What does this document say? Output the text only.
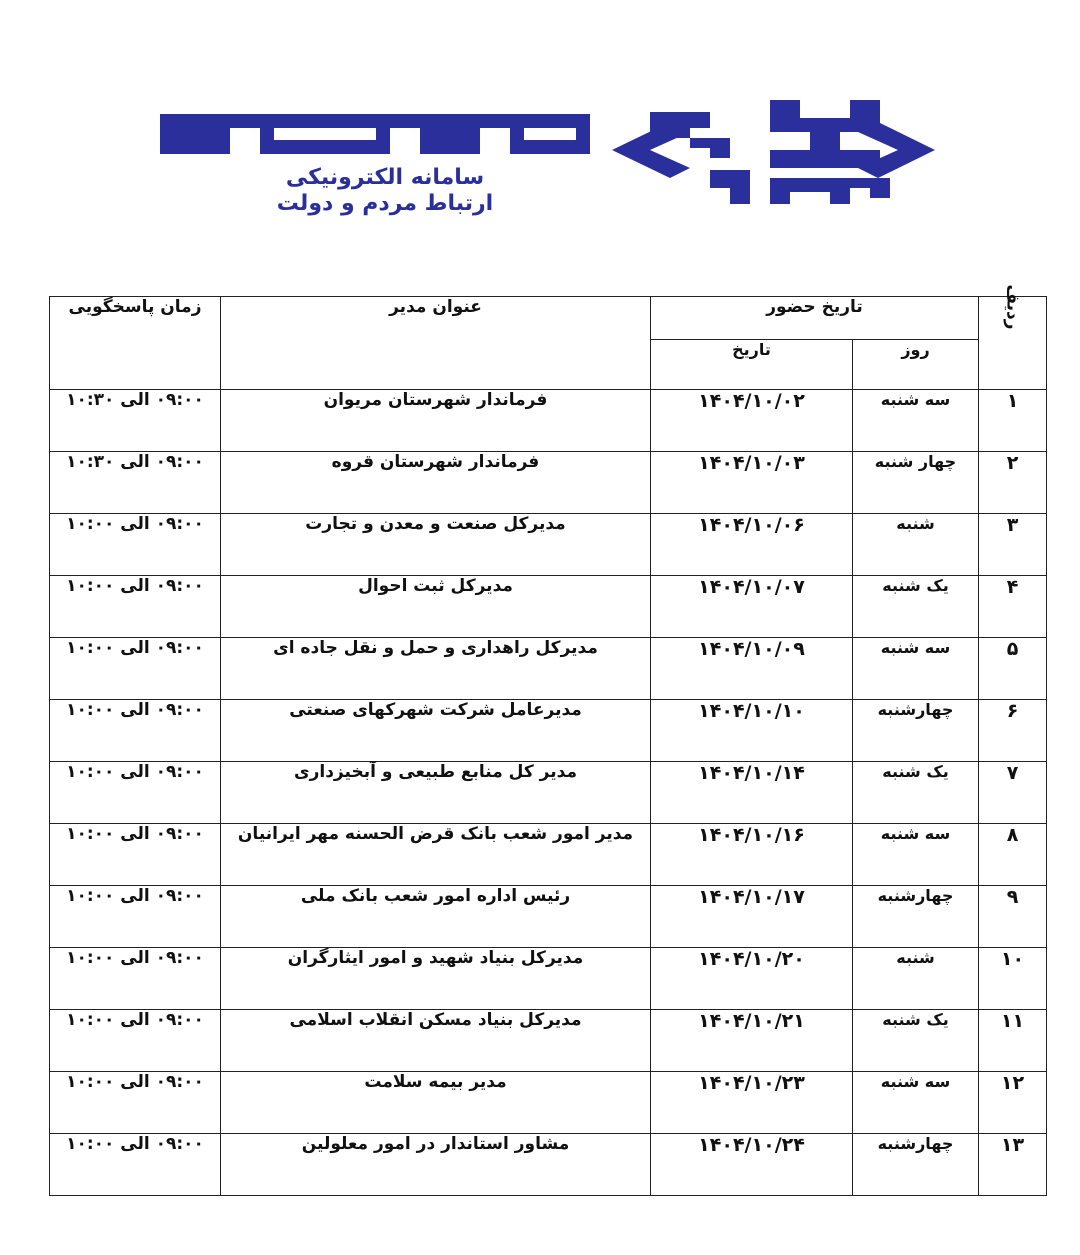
سامانه الکترونیکی
ارتباط مردم و دولت
ردیف	تاریخ حضور		عنوان مدیر	زمان پاسخگویی
	روز	تاریخ		
۱	سه شنبه	۱۴۰۴/۱۰/۰۲	فرماندار شهرستان مریوان	۰۹:۰۰ الی ۱۰:۳۰
۲	چهار شنبه	۱۴۰۴/۱۰/۰۳	فرماندار شهرستان قروه	۰۹:۰۰ الی ۱۰:۳۰
۳	شنبه	۱۴۰۴/۱۰/۰۶	مدیرکل صنعت و معدن و تجارت	۰۹:۰۰ الی ۱۰:۰۰
۴	یک شنبه	۱۴۰۴/۱۰/۰۷	مدیرکل ثبت احوال	۰۹:۰۰ الی ۱۰:۰۰
۵	سه شنبه	۱۴۰۴/۱۰/۰۹	مدیرکل راهداری و حمل و نقل جاده ای	۰۹:۰۰ الی ۱۰:۰۰
۶	چهارشنبه	۱۴۰۴/۱۰/۱۰	مدیرعامل شرکت شهرکهای صنعتی	۰۹:۰۰ الی ۱۰:۰۰
۷	یک شنبه	۱۴۰۴/۱۰/۱۴	مدیر کل منابع طبیعی و آبخیزداری	۰۹:۰۰ الی ۱۰:۰۰
۸	سه شنبه	۱۴۰۴/۱۰/۱۶	مدیر امور شعب بانک قرض الحسنه مهر ایرانیان	۰۹:۰۰ الی ۱۰:۰۰
۹	چهارشنبه	۱۴۰۴/۱۰/۱۷	رئیس اداره امور شعب بانک ملی	۰۹:۰۰ الی ۱۰:۰۰
۱۰	شنبه	۱۴۰۴/۱۰/۲۰	مدیرکل بنیاد شهید و امور ایثارگران	۰۹:۰۰ الی ۱۰:۰۰
۱۱	یک شنبه	۱۴۰۴/۱۰/۲۱	مدیرکل بنیاد مسکن انقلاب اسلامی	۰۹:۰۰ الی ۱۰:۰۰
۱۲	سه شنبه	۱۴۰۴/۱۰/۲۳	مدیر بیمه سلامت	۰۹:۰۰ الی ۱۰:۰۰
۱۳	چهارشنبه	۱۴۰۴/۱۰/۲۴	مشاور استاندار در امور معلولین	۰۹:۰۰ الی ۱۰:۰۰
